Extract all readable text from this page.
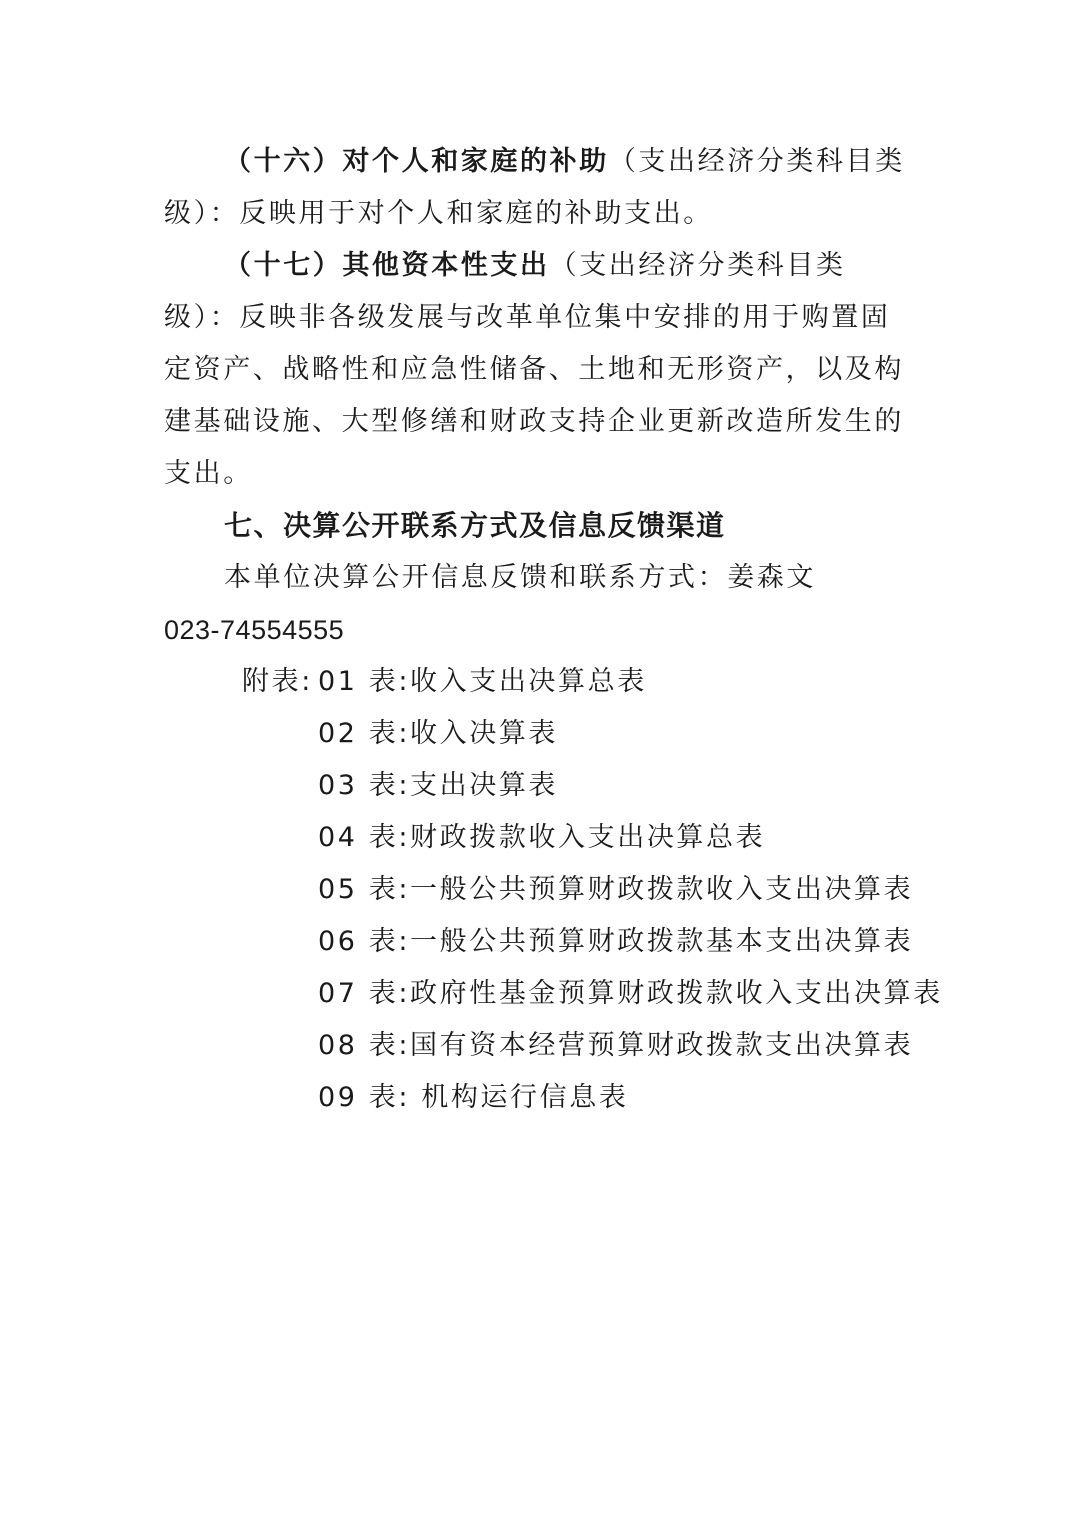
（十六）对个人和家庭的补助（支出经济分类科目类
级）：反映用于对个人和家庭的补助支出。
（十七）其他资本性支出（支出经济分类科目类
级）：反映非各级发展与改革单位集中安排的用于购置固
定资产、战略性和应急性储备、土地和无形资产，以及构
建基础设施、大型修缮和财政支持企业更新改造所发生的
支出。
七、决算公开联系方式及信息反馈渠道
本单位决算公开信息反馈和联系方式：姜森文
023-74554555
附表: 01 表:收入支出决算总表
02 表:收入决算表
03 表:支出决算表
04 表:财政拨款收入支出决算总表
05 表:一般公共预算财政拨款收入支出决算表
06 表:一般公共预算财政拨款基本支出决算表
07 表:政府性基金预算财政拨款收入支出决算表
08 表:国有资本经营预算财政拨款支出决算表
09 表: 机构运行信息表
